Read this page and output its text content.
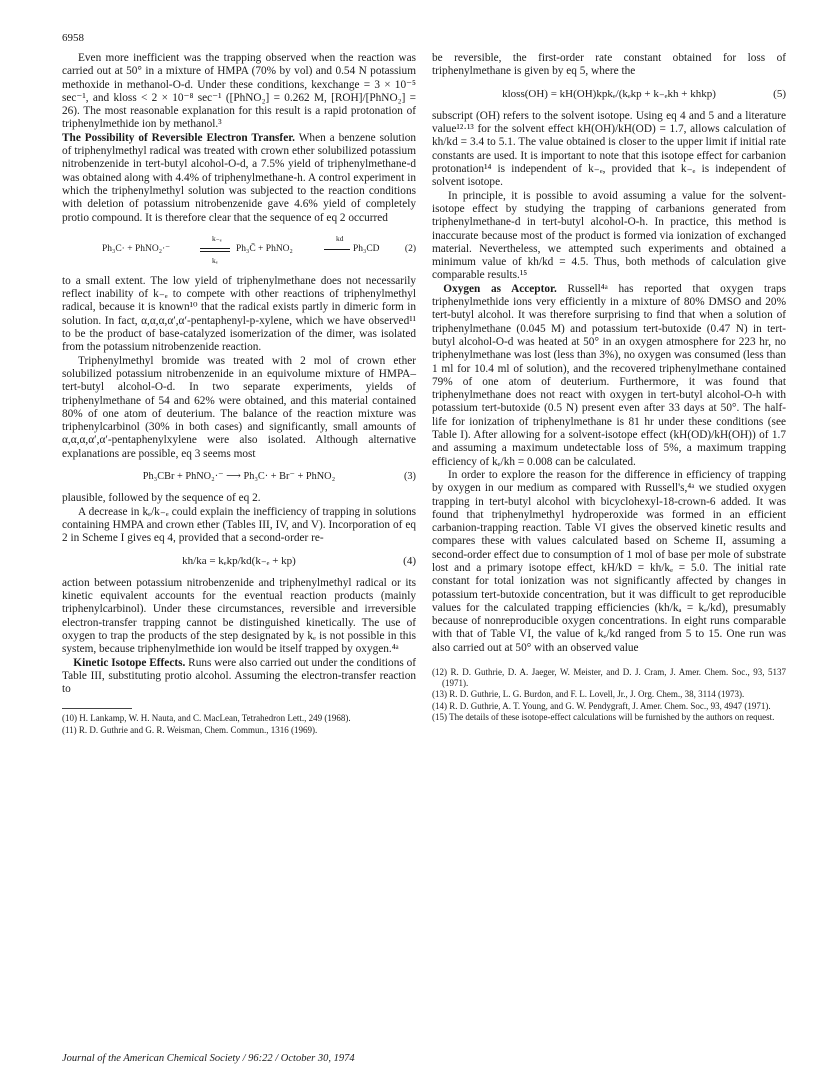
6958

Even more inefficient was the trapping observed when the reaction was carried out at 50° in a mixture of HMPA (70% by vol) and 0.54 N potassium methoxide in methanol-O-d. Under these conditions, kexchange = 3 × 10⁻⁵ sec⁻¹, and kloss < 2 × 10⁻⁸ sec⁻¹ ([PhNO₂] = 0.262 M, [ROH]/[PhNO₂] = 26). The most reasonable explanation for this result is a rapid protonation of triphenylmethide ion by methanol.³

The Possibility of Reversible Electron Transfer. When a benzene solution of triphenylmethyl radical was treated with crown ether solubilized potassium nitrobenzenide in tert-butyl alcohol-O-d, a 7.5% yield of triphenylmethane-d was obtained along with 4.4% of triphenylmethane-h. A control experiment in which the triphenylmethyl solution was subjected to the reaction conditions with deletion of potassium nitrobenzenide gave 4.6% yield of completely protio compound. It is therefore clear that the sequence of eq 2 occurred

Ph₃C· + PhNO₂·⁻
k₋ₑ
kₑ
Ph₃C̄ + PhNO₂
kd
Ph₃CD	(2)

to a small extent. The low yield of triphenylmethane does not necessarily reflect inability of k₋ₑ to compete with other reactions of triphenylmethyl radical, because it is known¹⁰ that the radical exists partly in dimeric form in solution. In fact, α,α,α,α′,α′-pentaphenyl-p-xylene, which we have observed¹¹ to be the product of base-catalyzed isomerization of the dimer, was isolated from the potassium nitrobenzenide reaction.

Triphenylmethyl bromide was treated with 2 mol of crown ether solubilized potassium nitrobenzenide in an equivolume mixture of HMPA–tert-butyl alcohol-O-d. In two separate experiments, yields of triphenylmethane of 54 and 62% were obtained, and this material contained 80% of one atom of deuterium. The balance of the reaction mixture was triphenylcarbinol (30% in both cases) and significantly, small amounts of α,α,α,α′,α′-pentaphenylxylene were also isolated. Although alternative explanations are possible, eq 3 seems most

Ph₃CBr + PhNO₂·⁻ ⟶ Ph₃C· + Br⁻ + PhNO₂	(3)

plausible, followed by the sequence of eq 2.

A decrease in kₑ/k₋ₑ could explain the inefficiency of trapping in solutions containing HMPA and crown ether (Tables III, IV, and V). Incorporation of eq 2 in Scheme I gives eq 4, provided that a second-order re-

kh/ka = kₑkp/kd(k₋ₑ + kp)	(4)

action between potassium nitrobenzenide and triphenylmethyl radical or its kinetic equivalent accounts for the eventual reaction products (mainly triphenylcarbinol). Under these circumstances, reversible and irreversible electron-transfer trapping cannot be distinguished kinetically. The use of oxygen to trap the products of the step designated by kₑ is not possible in this system, because triphenylmethide ion would be itself trapped by oxygen.⁴ᵃ

 Kinetic Isotope Effects. Runs were also carried out under the conditions of Table III, substituting protio alcohol. Assuming the electron-transfer reaction to

(10) H. Lankamp, W. H. Nauta, and C. MacLean, Tetrahedron Lett., 249 (1968).
(11) R. D. Guthrie and G. R. Weisman, Chem. Commun., 1316 (1969).

be reversible, the first-order rate constant obtained for loss of triphenylmethane is given by eq 5, where the

kloss(OH) = kH(OH)kpkₑ/(kₑkp + k₋ₑkh + khkp)	(5)

subscript (OH) refers to the solvent isotope. Using eq 4 and 5 and a literature value¹²·¹³ for the solvent effect kH(OH)/kH(OD) = 1.7, allows calculation of kh/kd = 3.4 to 5.1. The value obtained is closer to the upper limit if initial rate constants are used. It is important to note that this isotope effect for carbanion protonation¹⁴ is independent of k₋ₑ, provided that k₋ₑ is independent of solvent isotope.

In principle, it is possible to avoid assuming a value for the solvent-isotope effect by studying the trapping of carbanions generated from triphenylmethane-d in tert-butyl alcohol-O-h. In practice, this method is inaccurate because most of the product is formed via ionization of exchanged material. Nevertheless, we attempted such experiments and obtained a minimum value of kh/kd = 4.5. Thus, both methods of calculation give comparable results.¹⁵

 Oxygen as Acceptor. Russell⁴ᵃ has reported that oxygen traps triphenylmethide ions very efficiently in a mixture of 80% DMSO and 20% tert-butyl alcohol. It was therefore surprising to find that when a solution of triphenylmethane (0.045 M) and potassium tert-butoxide (0.47 N) in tert-butyl alcohol-O-d was heated at 50° in an oxygen atmosphere for 223 hr, no triphenylmethane was lost (less than 3%), no oxygen was consumed (less than 1 ml for 10.4 ml of solution), and the recovered triphenylmethane contained 79% of one atom of deuterium. Furthermore, it was found that triphenylmethane does not react with oxygen in tert-butyl alcohol-O-h with potassium tert-butoxide (0.5 N) present even after 33 days at 50°. The half-life for ionization of triphenylmethane is 81 hr under these conditions (see Table I). After allowing for a solvent-isotope effect (kH(OD)/kH(OH)) of 1.7 and assuming a maximum undetectable loss of 5%, a maximum trapping efficiency of kₑ/kh = 0.008 can be calculated.

In order to explore the reason for the difference in efficiency of trapping by oxygen in our medium as compared with Russell's,⁴ᵃ we studied oxygen trapping in tert-butyl alcohol with bicyclohexyl-18-crown-6 added. It was found that triphenylmethyl hydroperoxide was formed in an efficient carbanion-trapping reaction. Table VI gives the observed kinetic results and compares these with values calculated based on Scheme II, assuming a second-order effect due to consumption of 1 mol of base per mole of substrate lost and a primary isotope effect, kH/kD = kh/kₑ = 5.0. The initial rate constant for total ionization was not significantly affected by changes in potassium tert-butoxide concentration, but it was difficult to get reproducible values for the calculated trapping efficiencies (kh/kₐ = kₑ/kd), presumably because of nonreproducible oxygen concentrations. In eight runs comparable with that of Table VI, the value of kₑ/kd ranged from 5 to 15. One run was also carried out at 50° with an observed value

(12) R. D. Guthrie, D. A. Jaeger, W. Meister, and D. J. Cram, J. Amer. Chem. Soc., 93, 5137 (1971).
(13) R. D. Guthrie, L. G. Burdon, and F. L. Lovell, Jr., J. Org. Chem., 38, 3114 (1973).
(14) R. D. Guthrie, A. T. Young, and G. W. Pendygraft, J. Amer. Chem. Soc., 93, 4947 (1971).
(15) The details of these isotope-effect calculations will be furnished by the authors on request.
Journal of the American Chemical Society / 96:22 / October 30, 1974
